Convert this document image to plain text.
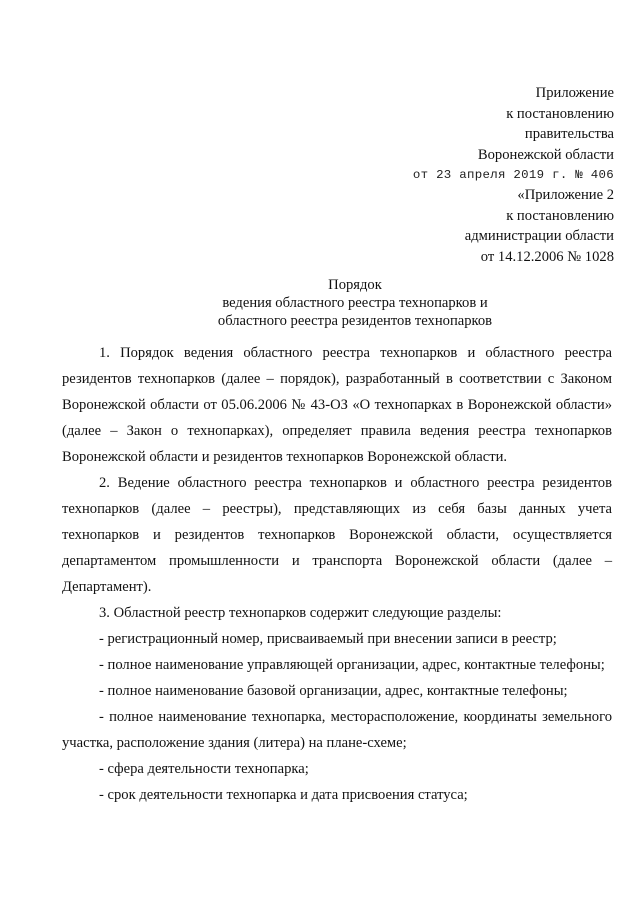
Приложение
к постановлению
правительства
Воронежской области
от 23 апреля 2019 г. № 406
«Приложение 2
к постановлению
администрации области
от 14.12.2006 № 1028
Порядок
ведения областного реестра технопарков и
областного реестра резидентов технопарков

1. Порядок ведения областного реестра технопарков и областного реестра резидентов технопарков (далее – порядок), разработанный в соответствии с Законом Воронежской области от 05.06.2006 № 43-ОЗ «О технопарках в Воронежской области» (далее – Закон о технопарках), определяет правила ведения реестра технопарков Воронежской области и резидентов технопарков Воронежской области.

2. Ведение областного реестра технопарков и областного реестра резидентов технопарков (далее – реестры), представляющих из себя базы данных учета технопарков и резидентов технопарков Воронежской области, осуществляется департаментом промышленности и транспорта Воронежской области (далее – Департамент).

3. Областной реестр технопарков содержит следующие разделы:

- регистрационный номер, присваиваемый при внесении записи в реестр;

- полное наименование управляющей организации, адрес, контактные телефоны;

- полное наименование базовой организации, адрес, контактные телефоны;

- полное наименование технопарка, месторасположение, координаты земельного участка, расположение здания (литера) на плане-схеме;

- сфера деятельности технопарка;

- срок деятельности технопарка и дата присвоения статуса;
